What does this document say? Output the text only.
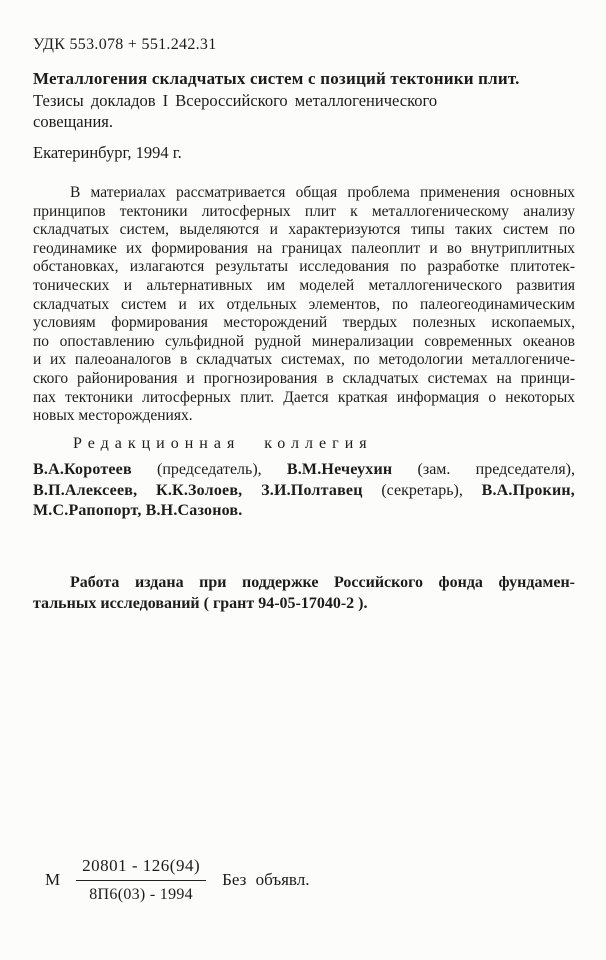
УДК 553.078 + 551.242.31
Металлогения складчатых систем с позиций тектоники плит.
Тезисы докладов I Всероссийского металлогенического
совещания.
Екатеринбург, 1994 г.
В материалах рассматривается общая проблема применения основных
принципов тектоники литосферных плит к металлогеническому анализу
складчатых систем, выделяются и характеризуются типы таких систем по
геодинамике их формирования на границах палеоплит и во внутриплитных
обстановках, излагаются результаты исследования по разработке плитотек-
тонических и альтернативных им моделей металлогенического развития
складчатых систем и их отдельных элементов, по палеогеодинамическим
условиям формирования месторождений твердых полезных ископаемых,
по опоставлению сульфидной рудной минерализации современных океанов
и их палеоаналогов в складчатых системах, по методологии металлогениче-
ского районирования и прогнозирования в складчатых системах на принци-
пах тектоники литосферных плит. Дается краткая информация о некоторых
новых месторождениях.
Редакционная коллегия
В.А.Коротеев (председатель), В.М.Нечеухин (зам. председателя), В.П.Алексеев, К.К.Золоев, З.И.Полтавец (секретарь), В.А.Прокин, М.С.Рапопорт, В.Н.Сазонов.
Работа издана при поддержке Российского фонда фундамен-
тальных исследований ( грант 94-05-17040-2 ).
М $\frac{20801 - 126(94)}{8П6(03) - 1994}$ Без объявл.
